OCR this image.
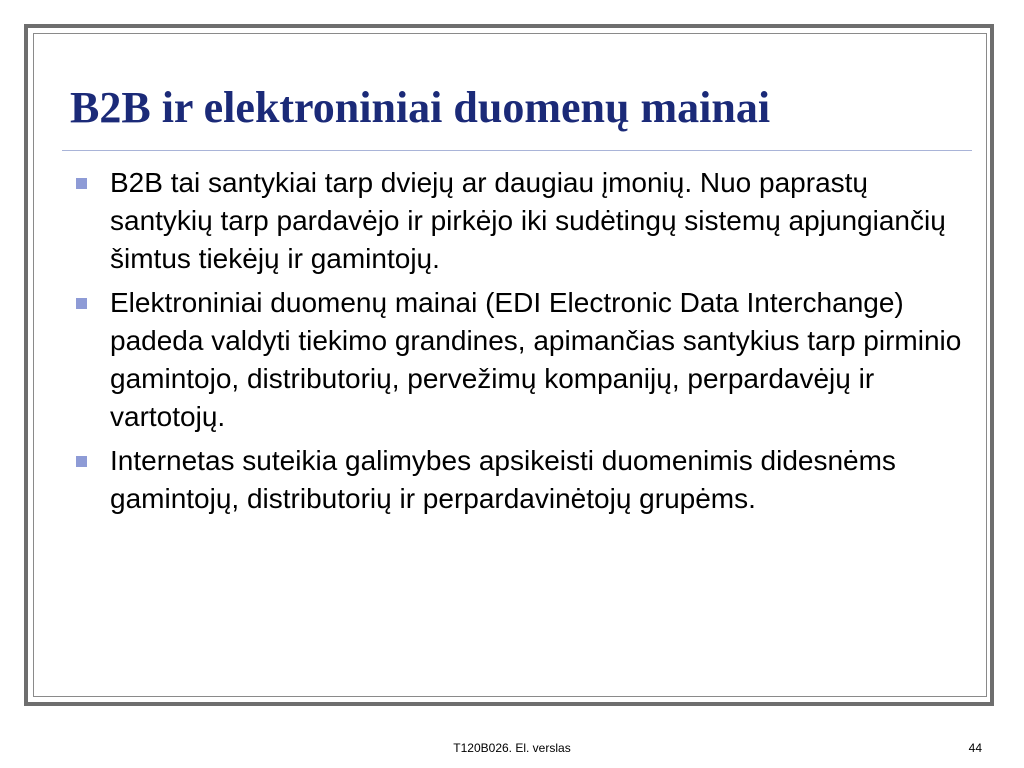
B2B ir elektroniniai duomenų mainai
B2B tai santykiai tarp dviejų ar daugiau įmonių. Nuo paprastų santykių tarp pardavėjo ir pirkėjo iki sudėtingų sistemų apjungiančių šimtus tiekėjų ir gamintojų.
Elektroniniai duomenų mainai (EDI Electronic Data Interchange)  padeda valdyti tiekimo grandines, apimančias santykius tarp pirminio gamintojo, distributorių, pervežimų kompanijų, perpardavėjų ir vartotojų.
Internetas suteikia galimybes apsikeisti duomenimis didesnėms gamintojų, distributorių ir perpardavinėtojų grupėms.
T120B026. El. verslas	44
